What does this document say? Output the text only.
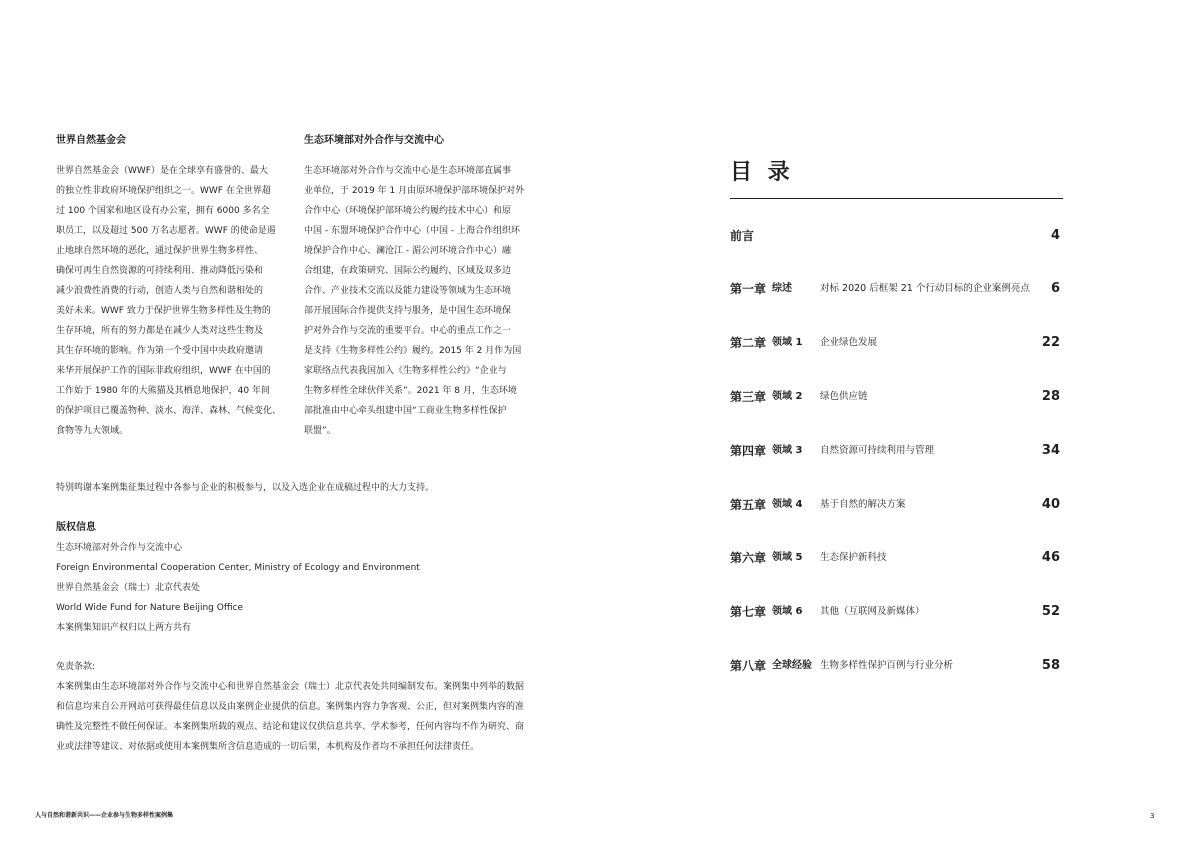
世界自然基金会
世界自然基金会（WWF）是在全球享有盛誉的、最大
的独立性非政府环境保护组织之一。WWF 在全世界超
过 100 个国家和地区设有办公室，拥有 6000 多名全
职员工，以及超过 500 万名志愿者。WWF 的使命是遏
止地球自然环境的恶化，通过保护世界生物多样性、
确保可再生自然资源的可持续利用、推动降低污染和
减少浪费性消费的行动，创造人类与自然和谐相处的
美好未来。WWF 致力于保护世界生物多样性及生物的
生存环境，所有的努力都是在减少人类对这些生物及
其生存环境的影响。作为第一个受中国中央政府邀请
来华开展保护工作的国际非政府组织，WWF 在中国的
工作始于 1980 年的大熊猫及其栖息地保护，40 年间
的保护项目已覆盖物种、淡水、海洋、森林、气候变化、
食物等九大领域。
生态环境部对外合作与交流中心
生态环境部对外合作与交流中心是生态环境部直属事
业单位，于 2019 年 1 月由原环境保护部环境保护对外
合作中心（环境保护部环境公约履约技术中心）和原
中国 - 东盟环境保护合作中心（中国 - 上海合作组织环
境保护合作中心、澜沧江 - 湄公河环境合作中心）融
合组建，在政策研究、国际公约履约、区域及双多边
合作、产业技术交流以及能力建设等领域为生态环境
部开展国际合作提供支持与服务，是中国生态环境保
护对外合作与交流的重要平台。中心的重点工作之一
是支持《生物多样性公约》履约。2015 年 2 月作为国
家联络点代表我国加入《生物多样性公约》“企业与
生物多样性全球伙伴关系”。2021 年 8 月，生态环境
部批准由中心牵头组建中国“工商业生物多样性保护
联盟”。
特别鸣谢本案例集征集过程中各参与企业的积极参与，以及入选企业在成稿过程中的大力支持。
版权信息
生态环境部对外合作与交流中心
Foreign Environmental Cooperation Center, Ministry of Ecology and Environment
世界自然基金会（瑞士）北京代表处
World Wide Fund for Nature Beijing Office
本案例集知识产权归以上两方共有
免责条款:
本案例集由生态环境部对外合作与交流中心和世界自然基金会（瑞士）北京代表处共同编制发布。案例集中列举的数据
和信息均来自公开网站可获得最佳信息以及由案例企业提供的信息。案例集内容力争客观、公正，但对案例集内容的准
确性及完整性不做任何保证。本案例集所载的观点、结论和建议仅供信息共享、学术参考，任何内容均不作为研究、商
业或法律等建议、对依据或使用本案例集所含信息造成的一切后果，本机构及作者均不承担任何法律责任。
目 录
前言	4
第一章 综述	对标 2020 后框架 21 个行动目标的企业案例亮点 6
第二章 领域 1 企业绿色发展	22
第三章 领域 2 绿色供应链	28
第四章 领域 3 自然资源可持续利用与管理	34
第五章 领域 4 基于自然的解决方案	40
第六章 领域 5 生态保护新科技	46
第七章 领域 6 其他（互联网及新媒体）	52
第八章 全球经验 生物多样性保护百例与行业分析	58
人与自然和谐新共识——企业参与生物多样性案例集	3
